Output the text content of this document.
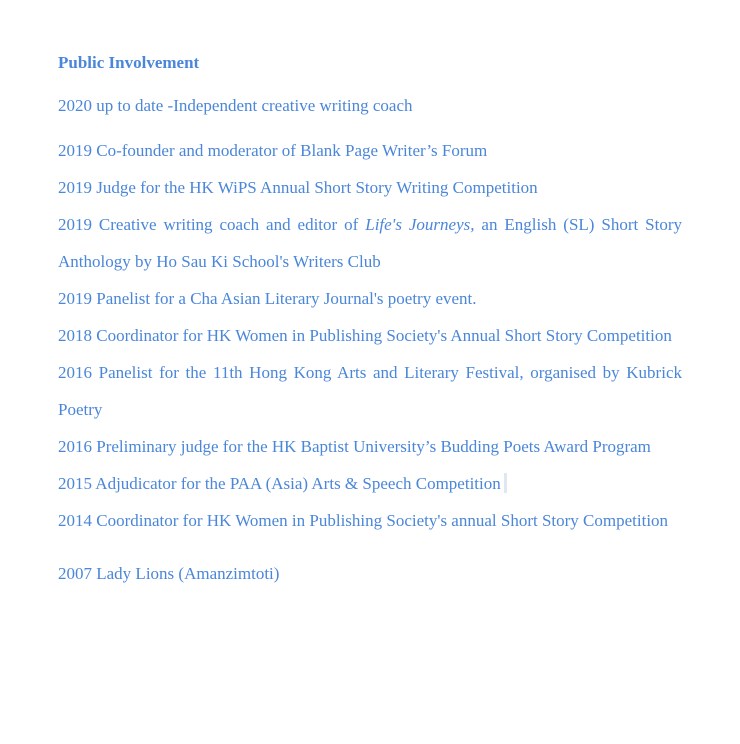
Public Involvement

2020 up to date -Independent creative writing coach

2019 Co-founder and moderator of Blank Page Writer’s Forum

2019 Judge for the HK WiPS Annual Short Story Writing Competition

2019 Creative writing coach and editor of Life's Journeys, an English (SL) Short Story Anthology by Ho Sau Ki School's Writers Club

2019 Panelist for a Cha Asian Literary Journal's poetry event.

2018 Coordinator for HK Women in Publishing Society's Annual Short Story Competition

2016 Panelist for the 11th Hong Kong Arts and Literary Festival, organised by Kubrick Poetry

2016 Preliminary judge for the HK Baptist University’s Budding Poets Award Program

2015 Adjudicator for the PAA (Asia) Arts & Speech Competition

2014 Coordinator for HK Women in Publishing Society's annual Short Story Competition

2007 Lady Lions (Amanzimtoti)
